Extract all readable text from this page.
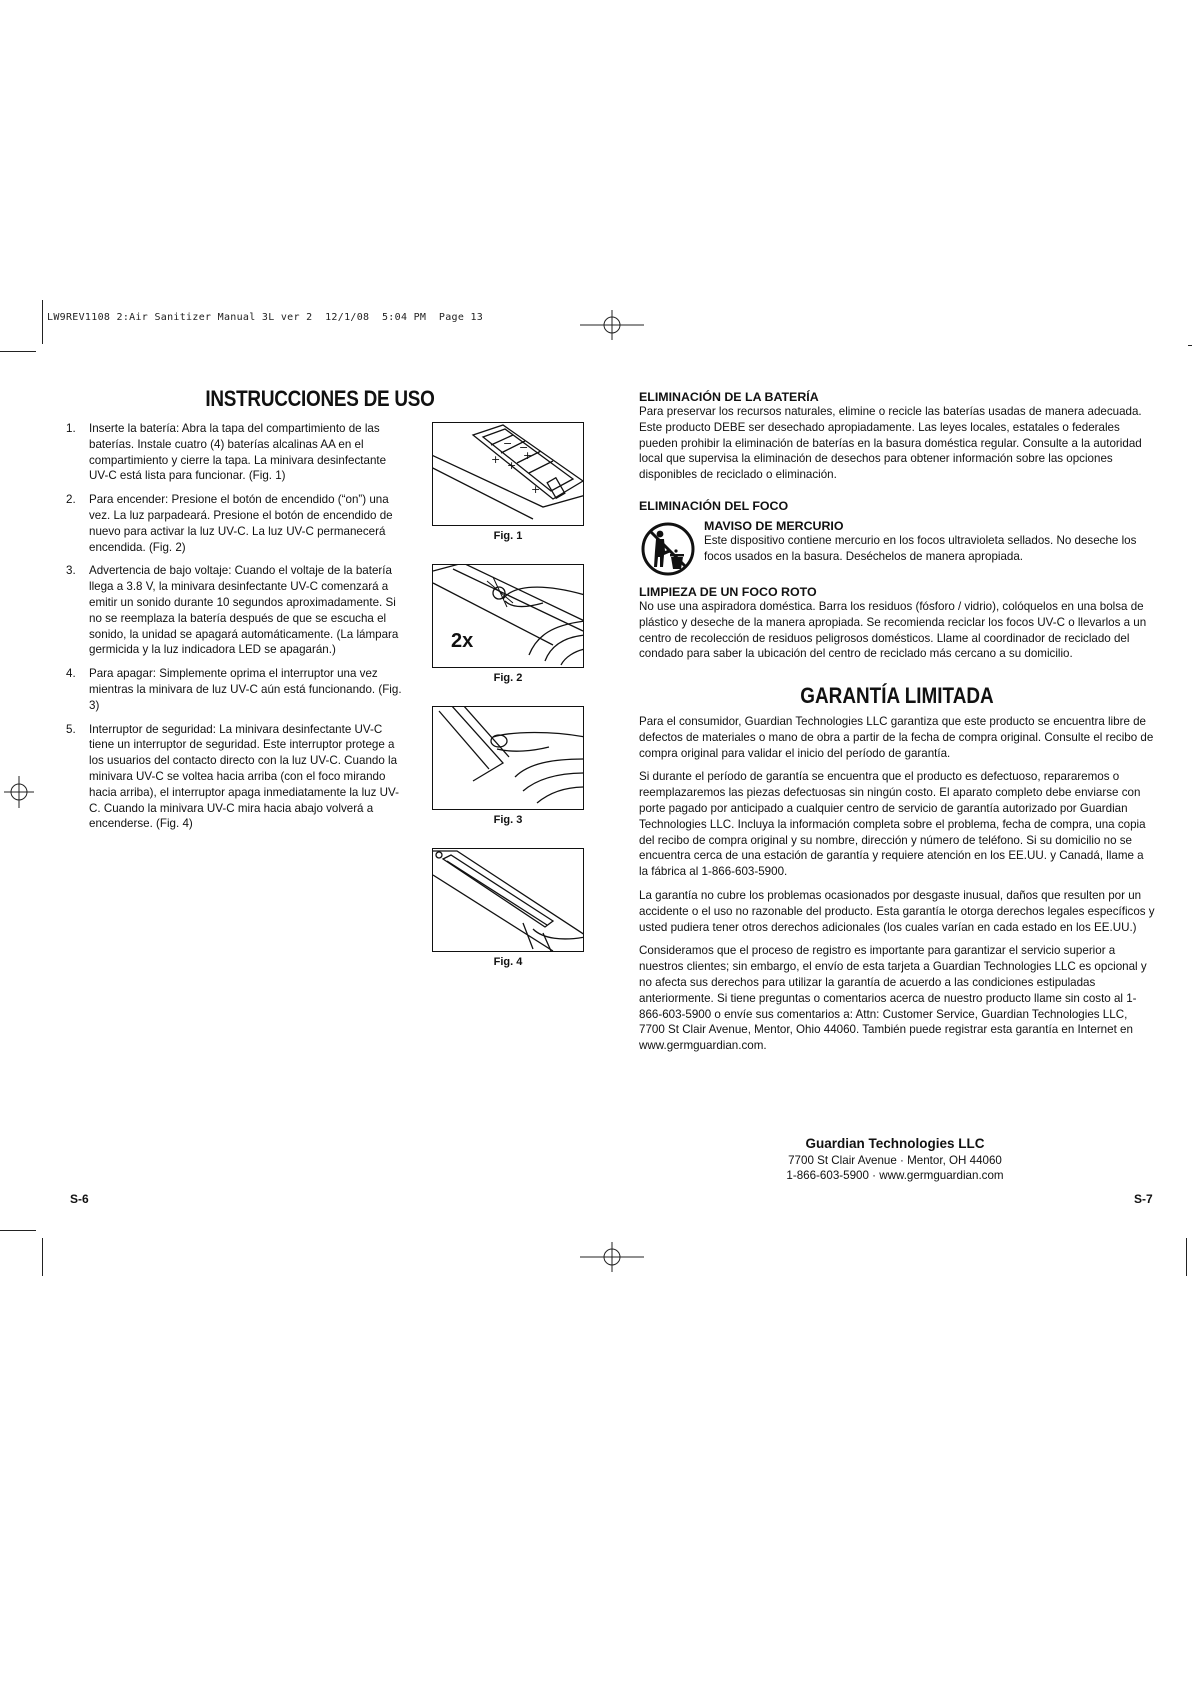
LW9REV1108 2:Air Sanitizer Manual 3L ver 2  12/1/08  5:04 PM  Page 13
INSTRUCCIONES DE USO
1.	Inserte la batería: Abra la tapa del compartimiento de las baterías. Instale cuatro (4) baterías alcalinas AA en el compartimiento y cierre la tapa. La minivara desinfectante UV-C está lista para funcionar. (Fig. 1)
2.	Para encender: Presione el botón de encendido (“on”) una vez. La luz parpadeará. Presione el botón de encendido de nuevo para activar la luz UV-C. La luz UV-C permanecerá encendida. (Fig. 2)
3.	Advertencia de bajo voltaje: Cuando el voltaje de la batería llega a 3.8 V, la minivara desinfectante UV-C comenzará a emitir un sonido durante 10 segundos aproximadamente. Si no se reemplaza la batería después de que se escucha el sonido, la unidad se apagará automáticamente. (La lámpara germicida y la luz indicadora LED se apagarán.)
4.	Para apagar: Simplemente oprima el interruptor una vez mientras la minivara de luz UV-C aún está funcionando. (Fig. 3)
5.	Interruptor de seguridad: La minivara desinfectante UV-C tiene un interruptor de seguridad. Este interruptor protege a los usuarios del contacto directo con la luz UV-C. Cuando la minivara UV-C se voltea hacia arriba (con el foco mirando hacia arriba), el interruptor apaga inmediatamente la luz UV-C. Cuando la minivara UV-C mira hacia abajo volverá a encenderse. (Fig. 4)
+ +
+
+
− −
Fig. 1
2x
Fig. 2
Fig. 3
Fig. 4
S-6
ELIMINACIÓN DE LA BATERÍA

Para preservar los recursos naturales, elimine o recicle las baterías usadas de manera adecuada. Este producto DEBE ser desechado apropiadamente. Las leyes locales, estatales o federales pueden prohibir la eliminación de baterías en la basura doméstica regular. Consulte a la autoridad local que supervisa la eliminación de desechos para obtener información sobre las opciones disponibles de reciclado o eliminación.

ELIMINACIÓN DEL FOCO
MAVISO DE MERCURIO

Este dispositivo contiene mercurio en los focos ultravioleta sellados. No deseche los focos usados en la basura. Deséchelos de manera apropiada.

LIMPIEZA DE UN FOCO ROTO

No use una aspiradora doméstica. Barra los residuos (fósforo / vidrio), colóquelos en una bolsa de plástico y deseche de la manera apropiada. Se recomienda reciclar los focos UV-C o llevarlos a un centro de recolección de residuos peligrosos domésticos. Llame al coordinador de reciclado del condado para saber la ubicación del centro de reciclado más cercano a su domicilio.

GARANTÍA LIMITADA

Para el consumidor, Guardian Technologies LLC garantiza que este producto se encuentra libre de defectos de materiales o mano de obra a partir de la fecha de compra original. Consulte el recibo de compra original para validar el inicio del período de garantía.

Si durante el período de garantía se encuentra que el producto es defectuoso, repararemos o reemplazaremos las piezas defectuosas sin ningún costo. El aparato completo debe enviarse con porte pagado por anticipado a cualquier centro de servicio de garantía autorizado por Guardian Technologies LLC. Incluya la información completa sobre el problema, fecha de compra, una copia del recibo de compra original y su nombre, dirección y número de teléfono. Si su domicilio no se encuentra cerca de una estación de garantía y requiere atención en los EE.UU. y Canadá, llame a la fábrica al 1-866-603-5900.

La garantía no cubre los problemas ocasionados por desgaste inusual, daños que resulten por un accidente o el uso no razonable del producto. Esta garantía le otorga derechos legales específicos y usted pudiera tener otros derechos adicionales (los cuales varían en cada estado en los EE.UU.)

Consideramos que el proceso de registro es importante para garantizar el servicio superior a nuestros clientes; sin embargo, el envío de esta tarjeta a Guardian Technologies LLC es opcional y no afecta sus derechos para utilizar la garantía de acuerdo a las condiciones estipuladas anteriormente. Si tiene preguntas o comentarios acerca de nuestro producto llame sin costo al 1-866-603-5900 o envíe sus comentarios a: Attn: Customer Service, Guardian Technologies LLC, 7700 St Clair Avenue, Mentor, Ohio 44060. También puede registrar esta garantía en Internet en www.germguardian.com.

Guardian Technologies LLC
7700 St Clair Avenue · Mentor, OH 44060
1-866-603-5900 · www.germguardian.com
S-7
